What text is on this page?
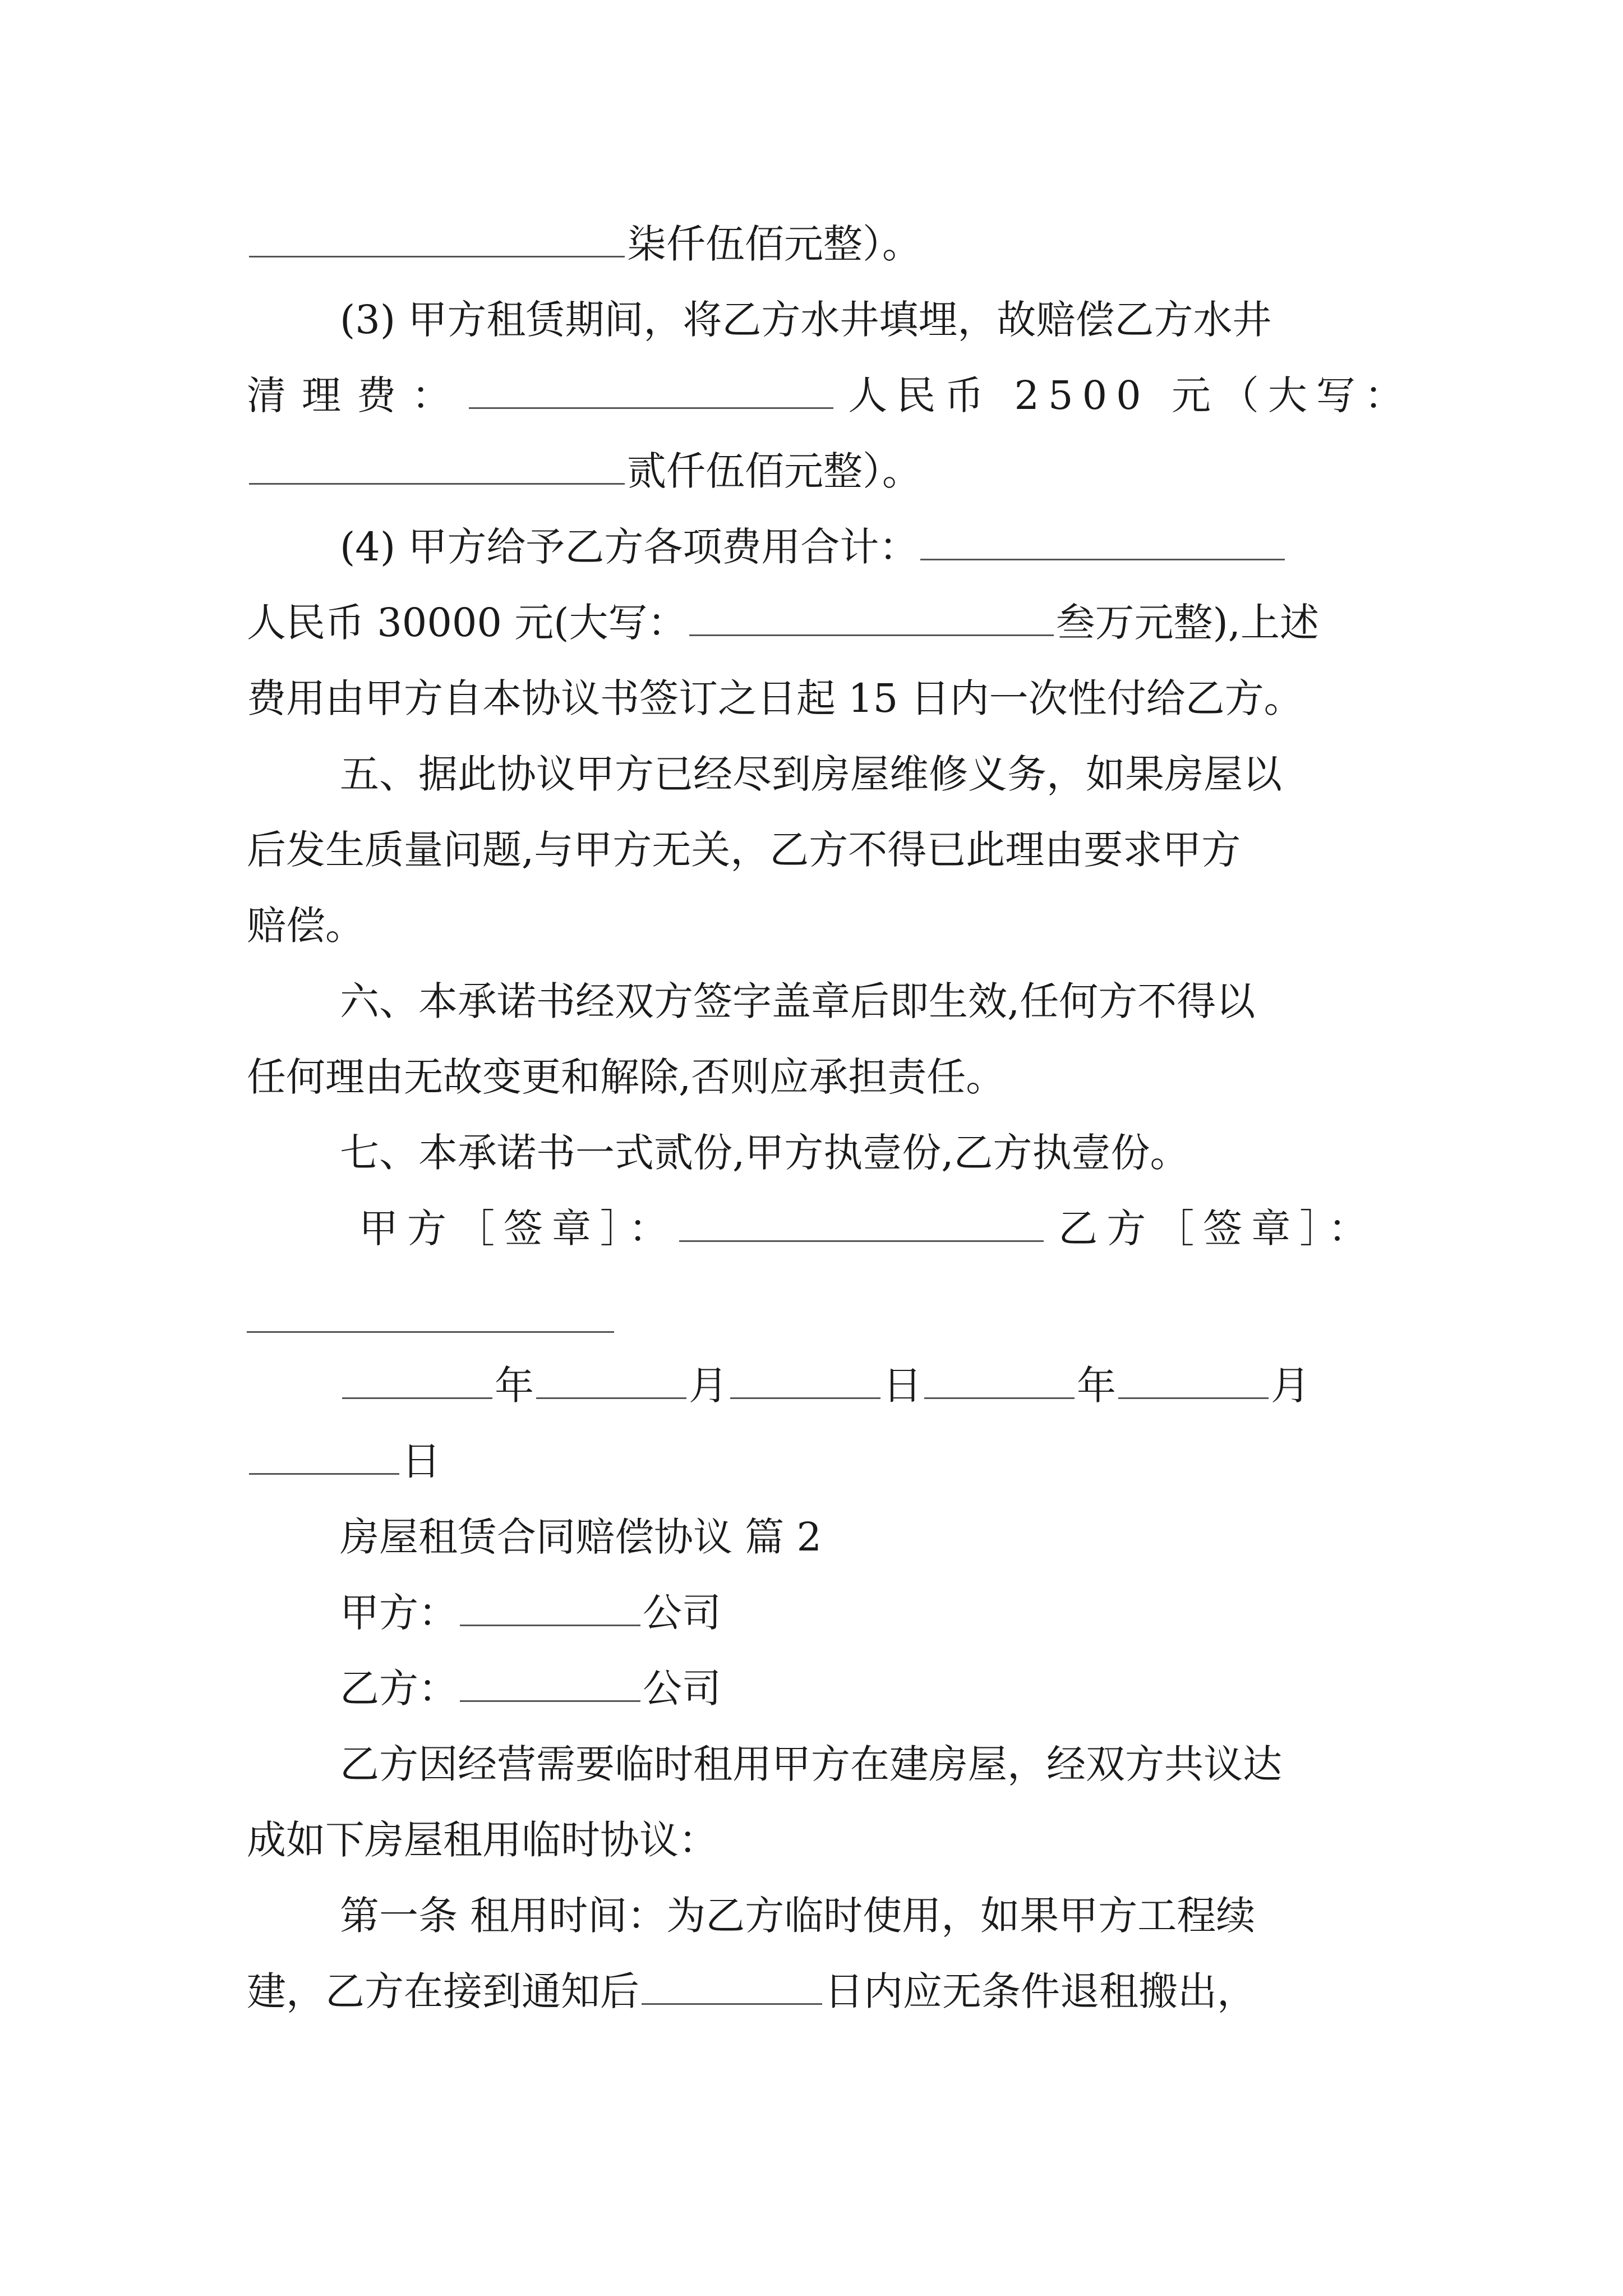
柒仟伍佰元整）。
(3) 甲方租赁期间，将乙方水井填埋，故赔偿乙方水井
清理费：	人民币 2500 元（大写：
贰仟伍佰元整）。
(4) 甲方给予乙方各项费用合计：
人民币 30000 元(大写：	叁万元整),上述
费用由甲方自本协议书签订之日起 15 日内一次性付给乙方。
五、据此协议甲方已经尽到房屋维修义务，如果房屋以
后发生质量问题,与甲方无关，乙方不得已此理由要求甲方
赔偿。
六、本承诺书经双方签字盖章后即生效,任何方不得以
任何理由无故变更和解除,否则应承担责任。
七、本承诺书一式贰份,甲方执壹份,乙方执壹份。
甲方［签章］：	乙方［签章］：
年	月	日	年	月
日
房屋租赁合同赔偿协议 篇 2
甲方：	公司
乙方：	公司
乙方因经营需要临时租用甲方在建房屋，经双方共议达
成如下房屋租用临时协议：
第一条 租用时间：为乙方临时使用，如果甲方工程续
建，乙方在接到通知后	日内应无条件退租搬出，
